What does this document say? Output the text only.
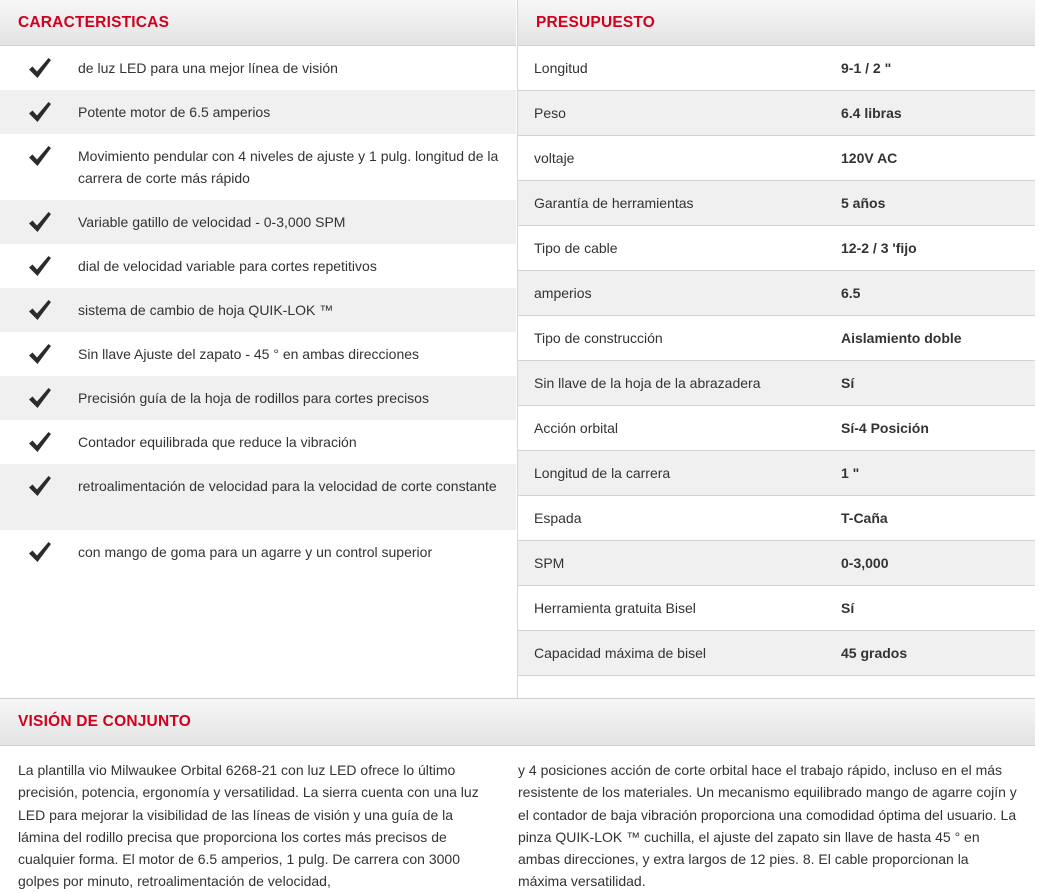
CARACTERISTICAS
de luz LED para una mejor línea de visión
Potente motor de 6.5 amperios
Movimiento pendular con 4 niveles de ajuste y 1 pulg. longitud de la carrera de corte más rápido
Variable gatillo de velocidad - 0-3,000 SPM
dial de velocidad variable para cortes repetitivos
sistema de cambio de hoja QUIK-LOK ™
Sin llave Ajuste del zapato - 45 ° en ambas direcciones
Precisión guía de la hoja de rodillos para cortes precisos
Contador equilibrada que reduce la vibración
retroalimentación de velocidad para la velocidad de corte constante
con mango de goma para un agarre y un control superior
PRESUPUESTO
Longitud	9-1 / 2 "
Peso	6.4 libras
voltaje	120V AC
Garantía de herramientas	5 años
Tipo de cable	12-2 / 3 'fijo
amperios	6.5
Tipo de construcción	Aislamiento doble
Sin llave de la hoja de la abrazadera	Sí
Acción orbital	Sí-4 Posición
Longitud de la carrera	1 "
Espada	T-Caña
SPM	0-3,000
Herramienta gratuita Bisel	Sí
Capacidad máxima de bisel	45 grados
VISIÓN DE CONJUNTO

La plantilla vio Milwaukee Orbital 6268-21 con luz LED ofrece lo último precisión, potencia, ergonomía y versatilidad. La sierra cuenta con una luz LED para mejorar la visibilidad de las líneas de visión y una guía de la lámina del rodillo precisa que proporciona los cortes más precisos de cualquier forma. El motor de 6.5 amperios, 1 pulg. De carrera con 3000 golpes por minuto, retroalimentación de velocidad,

y 4 posiciones acción de corte orbital hace el trabajo rápido, incluso en el más resistente de los materiales. Un mecanismo equilibrado mango de agarre cojín y el contador de baja vibración proporciona una comodidad óptima del usuario. La pinza QUIK-LOK ™ cuchilla, el ajuste del zapato sin llave de hasta 45 ° en ambas direcciones, y extra largos de 12 pies. 8. El cable proporcionan la máxima versatilidad.
